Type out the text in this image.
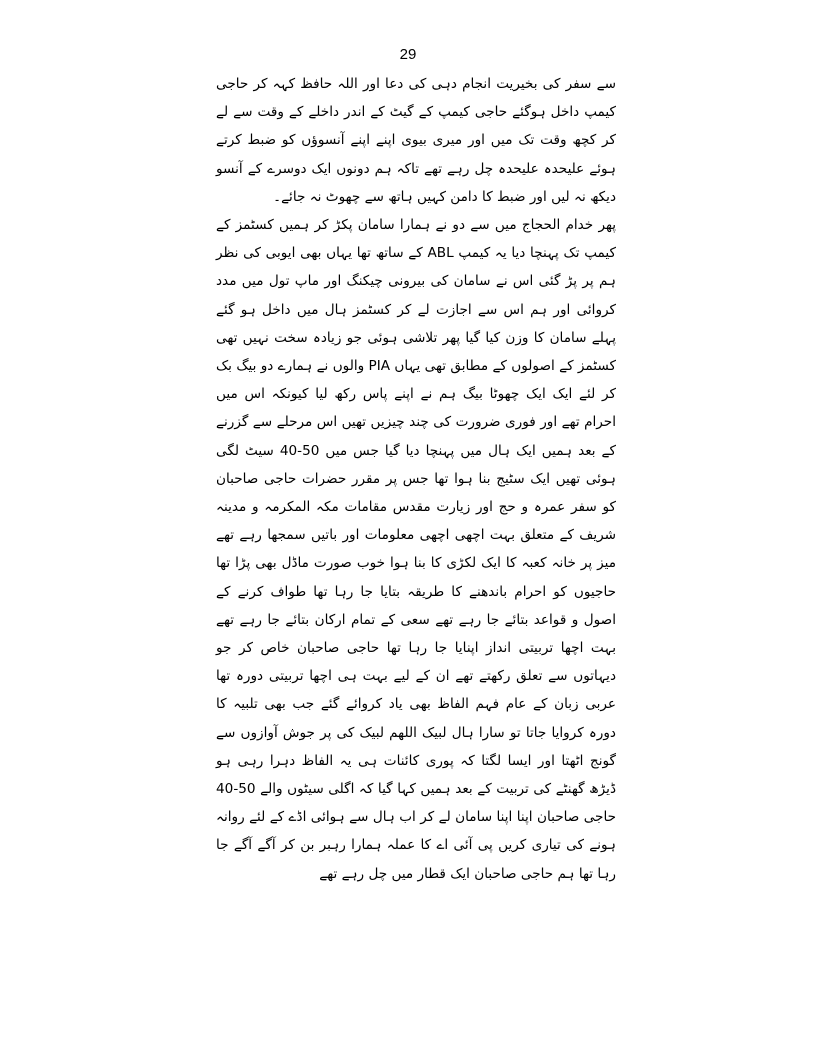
29

سے سفر کی بخیریت انجام دہی کی دعا اور اللہ حافظ کہہ کر حاجی کیمپ داخل ہوگئے حاجی کیمپ کے گیٹ کے اندر داخلے کے وقت سے لے کر کچھ وقت تک میں اور میری بیوی اپنے اپنے آنسوؤں کو ضبط کرتے ہوئے علیحدہ علیحدہ چل رہے تھے تاکہ ہم دونوں ایک دوسرے کے آنسو دیکھ نہ لیں اور ضبط کا دامن کہیں ہاتھ سے چھوٹ نہ جائے۔

پھر خدام الحجاج میں سے دو نے ہمارا سامان پکڑ کر ہمیں کسٹمز کے کیمپ تک پہنچا دیا یہ کیمپ ABL کے ساتھ تھا یہاں بھی ایوبی کی نظر ہم پر پڑ گئی اس نے سامان کی بیرونی چیکنگ اور ماپ تول میں مدد کروائی اور ہم اس سے اجازت لے کر کسٹمز ہال میں داخل ہو گئے پہلے سامان کا وزن کیا گیا پھر تلاشی ہوئی جو زیادہ سخت نہیں تھی کسٹمز کے اصولوں کے مطابق تھی یہاں PIA والوں نے ہمارے دو بیگ بک کر لئے ایک ایک چھوٹا بیگ ہم نے اپنے پاس رکھ لیا کیونکہ اس میں احرام تھے اور فوری ضرورت کی چند چیزیں تھیں اس مرحلے سے گزرنے کے بعد ہمیں ایک ہال میں پہنچا دیا گیا جس میں 50-40 سیٹ لگی ہوئی تھیں ایک سٹیج بنا ہوا تھا جس پر مقرر حضرات حاجی صاحبان کو سفر عمرہ و حج اور زیارت مقدس مقامات مکہ المکرمہ و مدینہ شریف کے متعلق بہت اچھی اچھی معلومات اور باتیں سمجھا رہے تھے میز پر خانہ کعبہ کا ایک لکڑی کا بنا ہوا خوب صورت ماڈل بھی پڑا تھا حاجیوں کو احرام باندھنے کا طریقہ بتایا جا رہا تھا طواف کرنے کے اصول و قواعد بتائے جا رہے تھے سعی کے تمام ارکان بتائے جا رہے تھے بہت اچھا تربیتی انداز اپنایا جا رہا تھا حاجی صاحبان خاص کر جو دیہاتوں سے تعلق رکھتے تھے ان کے لیے بہت ہی اچھا تربیتی دورہ تھا عربی زبان کے عام فہم الفاظ بھی یاد کروائے گئے جب بھی تلبیہ کا دورہ کروایا جاتا تو سارا ہال لبیک اللھم لبیک کی پر جوش آوازوں سے گونج اٹھتا اور ایسا لگتا کہ پوری کائنات ہی یہ الفاظ دہرا رہی ہو ڈیڑھ گھنٹے کی تربیت کے بعد ہمیں کہا گیا کہ اگلی سیٹوں والے 50-40 حاجی صاحبان اپنا اپنا سامان لے کر اب ہال سے ہوائی اڈے کے لئے روانہ ہونے کی تیاری کریں پی آئی اے کا عملہ ہمارا رہبر بن کر آگے آگے جا رہا تھا ہم حاجی صاحبان ایک قطار میں چل رہے تھے
